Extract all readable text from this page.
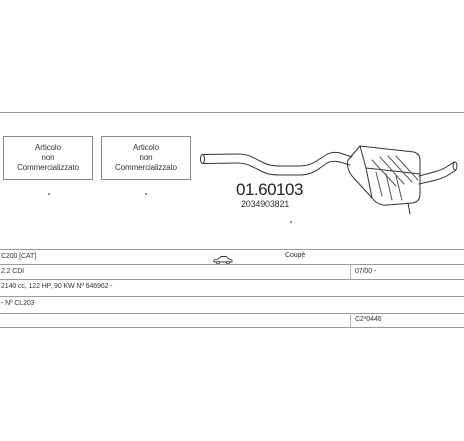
Articolo
non
Commercializzato
Articolo
non
Commercializzato
01.60103
2034903821
C200 [CAT]	Coupè
2.2 CDI	07/00 -
2140 cc, 122 HP, 90 KW Nº 646962 -
- Nº CL203
C2*0446
